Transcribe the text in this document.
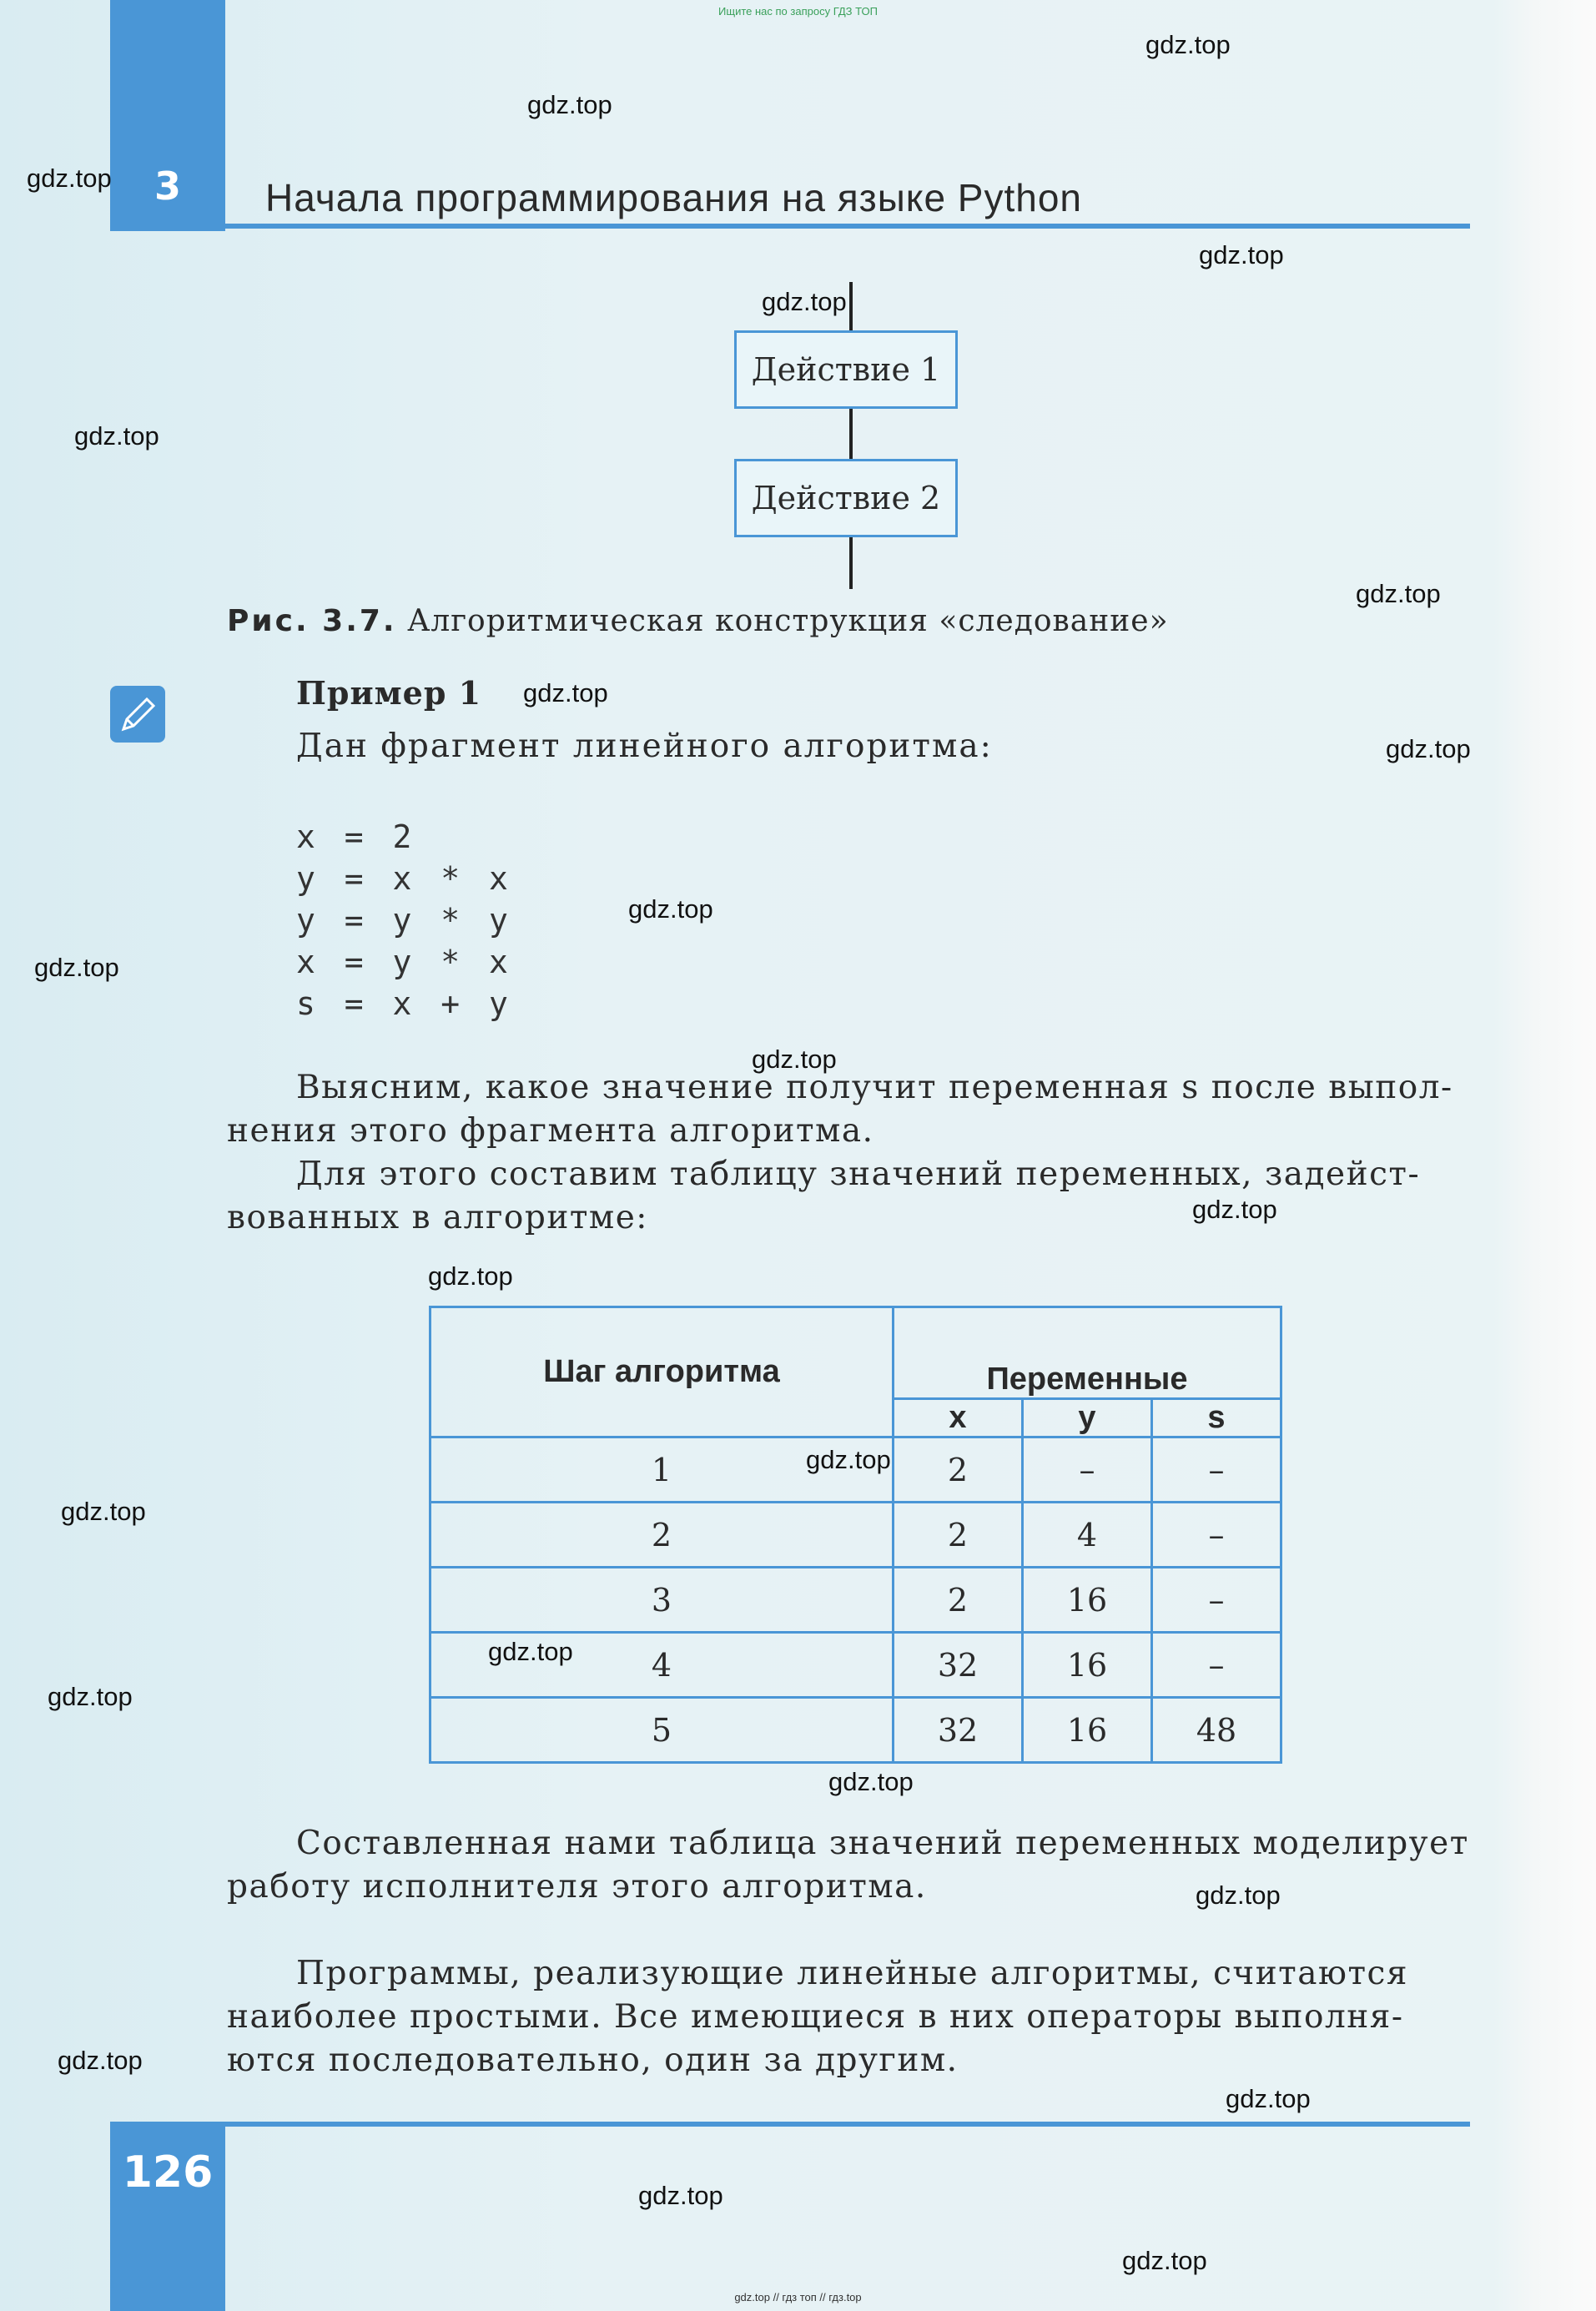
Ищите нас по запросу ГДЗ ТОП
3	Начала программирования на языке Python
Действие 1
Действие 2
Рис. 3.7. Алгоритмическая конструкция «следование»
Пример 1
Дан фрагмент линейного алгоритма:
x = 2
y = x * x
y = y * y
x = y * x
s = x + y
Выясним, какое значение получит переменная s после выпол-
нения этого фрагмента алгоритма.
Для этого составим таблицу значений переменных, задейст-
вованных в алгоритме:
Шаг алгоритма	Переменные		
	x	y	s
1	2	–	–
2	2	4	–
3	2	16	–
4	32	16	–
5	32	16	48
Составленная нами таблица значений переменных моделирует
работу исполнителя этого алгоритма.
Программы, реализующие линейные алгоритмы, считаются
наиболее простыми. Все имеющиеся в них операторы выполня-
ются последовательно, один за другим.
126
gdz.top
gdz.top
gdz.top
gdz.top
gdz.top
gdz.top
gdz.top
gdz.top
gdz.top
gdz.top
gdz.top
gdz.top
gdz.top
gdz.top
gdz.top
gdz.top
gdz.top
gdz.top
gdz.top
gdz.top
gdz.top
gdz.top
gdz.top
gdz.top
gdz.top // гдз топ // гдз.top
